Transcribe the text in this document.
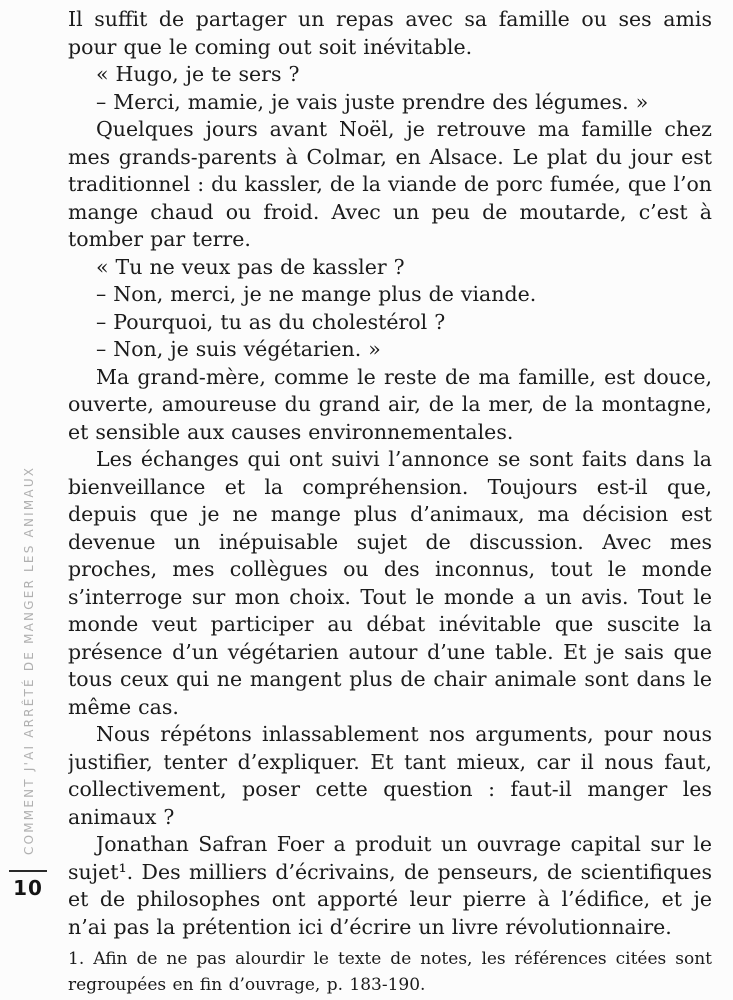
COMMENT J'AI ARRÊTÉ DE MANGER LES ANIMAUX
10

Il suffit de partager un repas avec sa famille ou ses amis pour que le coming out soit inévitable.

« Hugo, je te sers ?

– Merci, mamie, je vais juste prendre des légumes. »

Quelques jours avant Noël, je retrouve ma famille chez mes grands-parents à Colmar, en Alsace. Le plat du jour est traditionnel : du kassler, de la viande de porc fumée, que l’on mange chaud ou froid. Avec un peu de moutarde, c’est à tomber par terre.

« Tu ne veux pas de kassler ?

– Non, merci, je ne mange plus de viande.

– Pourquoi, tu as du cholestérol ?

– Non, je suis végétarien. »

Ma grand-mère, comme le reste de ma famille, est douce, ouverte, amoureuse du grand air, de la mer, de la montagne, et sensible aux causes environnementales.

Les échanges qui ont suivi l’annonce se sont faits dans la bienveillance et la compréhension. Toujours est-il que, depuis que je ne mange plus d’animaux, ma décision est devenue un inépuisable sujet de discussion. Avec mes proches, mes collègues ou des inconnus, tout le monde s’interroge sur mon choix. Tout le monde a un avis. Tout le monde veut participer au débat inévitable que suscite la présence d’un végétarien autour d’une table. Et je sais que tous ceux qui ne mangent plus de chair animale sont dans le même cas.

Nous répétons inlassablement nos arguments, pour nous justifier, tenter d’expliquer. Et tant mieux, car il nous faut, collectivement, poser cette question : faut-il manger les animaux ?

Jonathan Safran Foer a produit un ouvrage capital sur le sujet¹. Des milliers d’écrivains, de penseurs, de scientifiques et de philosophes ont apporté leur pierre à l’édifice, et je n’ai pas la prétention ici d’écrire un livre révolutionnaire.

1. Afin de ne pas alourdir le texte de notes, les références citées sont regroupées en fin d’ouvrage, p. 183-190.
